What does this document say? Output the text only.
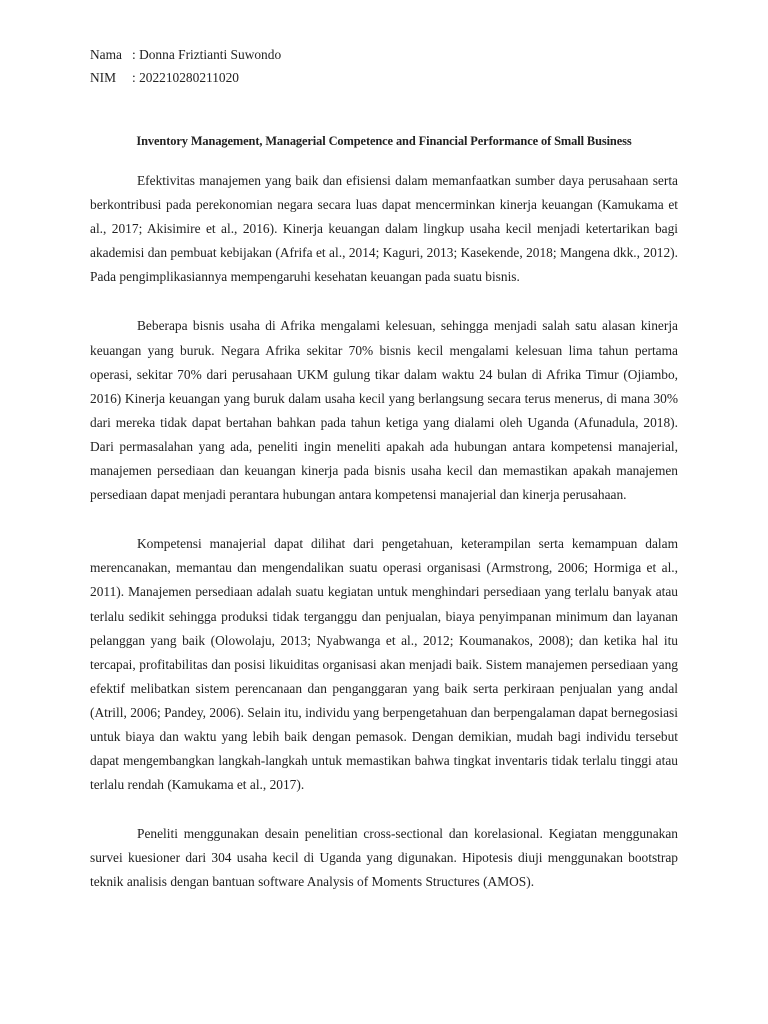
Nama : Donna Friztianti Suwondo
NIM	: 202210280211020
Inventory Management, Managerial Competence and Financial Performance of Small Business

Efektivitas manajemen yang baik dan efisiensi dalam memanfaatkan sumber daya perusahaan serta berkontribusi pada perekonomian negara secara luas dapat mencerminkan kinerja keuangan (Kamukama et al., 2017; Akisimire et al., 2016). Kinerja keuangan dalam lingkup usaha kecil menjadi ketertarikan bagi akademisi dan pembuat kebijakan (Afrifa et al., 2014; Kaguri, 2013; Kasekende, 2018; Mangena dkk., 2012). Pada pengimplikasiannya mempengaruhi kesehatan keuangan pada suatu bisnis.

Beberapa bisnis usaha di Afrika mengalami kelesuan, sehingga menjadi salah satu alasan kinerja keuangan yang buruk. Negara Afrika sekitar 70% bisnis kecil mengalami kelesuan lima tahun pertama operasi, sekitar 70% dari perusahaan UKM gulung tikar dalam waktu 24 bulan di Afrika Timur (Ojiambo, 2016) Kinerja keuangan yang buruk dalam usaha kecil yang berlangsung secara terus menerus, di mana 30% dari mereka tidak dapat bertahan bahkan pada tahun ketiga yang dialami oleh Uganda (Afunadula, 2018). Dari permasalahan yang ada, peneliti ingin meneliti apakah ada hubungan antara kompetensi manajerial, manajemen persediaan dan keuangan kinerja pada bisnis usaha kecil dan memastikan apakah manajemen persediaan dapat menjadi perantara hubungan antara kompetensi manajerial dan kinerja perusahaan.

Kompetensi manajerial dapat dilihat dari pengetahuan, keterampilan serta kemampuan dalam merencanakan, memantau dan mengendalikan suatu operasi organisasi (Armstrong, 2006; Hormiga et al., 2011). Manajemen persediaan adalah suatu kegiatan untuk menghindari persediaan yang terlalu banyak atau terlalu sedikit sehingga produksi tidak terganggu dan penjualan, biaya penyimpanan minimum dan layanan pelanggan yang baik (Olowolaju, 2013; Nyabwanga et al., 2012; Koumanakos, 2008); dan ketika hal itu tercapai, profitabilitas dan posisi likuiditas organisasi akan menjadi baik. Sistem manajemen persediaan yang efektif melibatkan sistem perencanaan dan penganggaran yang baik serta perkiraan penjualan yang andal (Atrill, 2006; Pandey, 2006). Selain itu, individu yang berpengetahuan dan berpengalaman dapat bernegosiasi untuk biaya dan waktu yang lebih baik dengan pemasok. Dengan demikian, mudah bagi individu tersebut dapat mengembangkan langkah-langkah untuk memastikan bahwa tingkat inventaris tidak terlalu tinggi atau terlalu rendah (Kamukama et al., 2017).

Peneliti menggunakan desain penelitian cross-sectional dan korelasional. Kegiatan menggunakan survei kuesioner dari 304 usaha kecil di Uganda yang digunakan. Hipotesis diuji menggunakan bootstrap teknik analisis dengan bantuan software Analysis of Moments Structures (AMOS).
